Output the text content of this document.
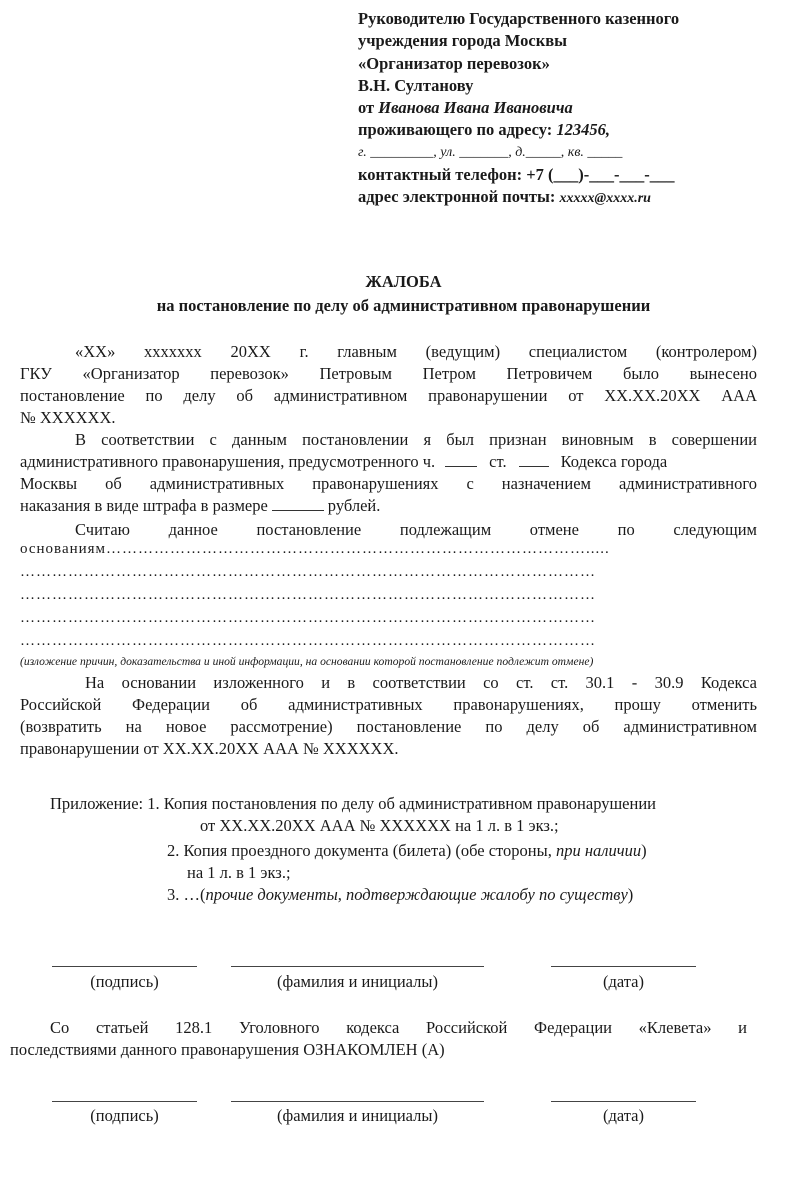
Руководителю Государственного казенного
учреждения города Москвы
«Организатор перевозок»
В.Н. Султанову
от Иванова Ивана Ивановича
проживающего по адресу: 123456,
г. _________, ул. _______, д._____, кв. _____
контактный телефон: +7 (___)-___-___-___
адрес электронной почты: xxxxx@xxxx.ru
ЖАЛОБА
на постановление по делу об административном правонарушении
«ХХ» ххххххх 20ХХ г. главным (ведущим) специалистом (контролером)
ГКУ «Организатор перевозок» Петровым Петром Петровичем было вынесено
постановление по делу об административном правонарушении от ХХ.ХХ.20ХХ ААА
№ ХХХХХХ.
В соответствии с данным постановлении я был признан виновным в совершении
административного правонарушения, предусмотренного ч.	ст.	Кодекса города
Москвы об административных правонарушениях с назначением административного
наказания в виде штрафа в размере	рублей.
Считаю данное постановление подлежащим отмене по следующим
основаниям……………………………………………………………………………….....
………………………………………………………………………………………………
………………………………………………………………………………………………
………………………………………………………………………………………………
………………………………………………………………………………………………
(изложение причин, доказательства и иной информации, на основании которой постановление подлежит отмене)
На основании изложенного и в соответствии со ст. ст. 30.1 - 30.9 Кодекса
Российской Федерации об административных правонарушениях, прошу отменить
(возвратить на новое рассмотрение) постановление по делу об административном
правонарушении от ХХ.ХХ.20ХХ ААА № ХХХХХХ.
Приложение: 1. Копия постановления по делу об административном правонарушении
от ХХ.ХХ.20ХХ ААА № ХХХХХХ на 1 л. в 1 экз.;
2. Копия проездного документа (билета) (обе стороны, при наличии)
на 1 л. в 1 экз.;
3. …(прочие документы, подтверждающие жалобу по существу)
(подпись)	(фамилия и инициалы)	(дата)
Со статьей 128.1 Уголовного кодекса Российской Федерации «Клевета» и
последствиями данного правонарушения ОЗНАКОМЛЕН (А)
(подпись)	(фамилия и инициалы)	(дата)
